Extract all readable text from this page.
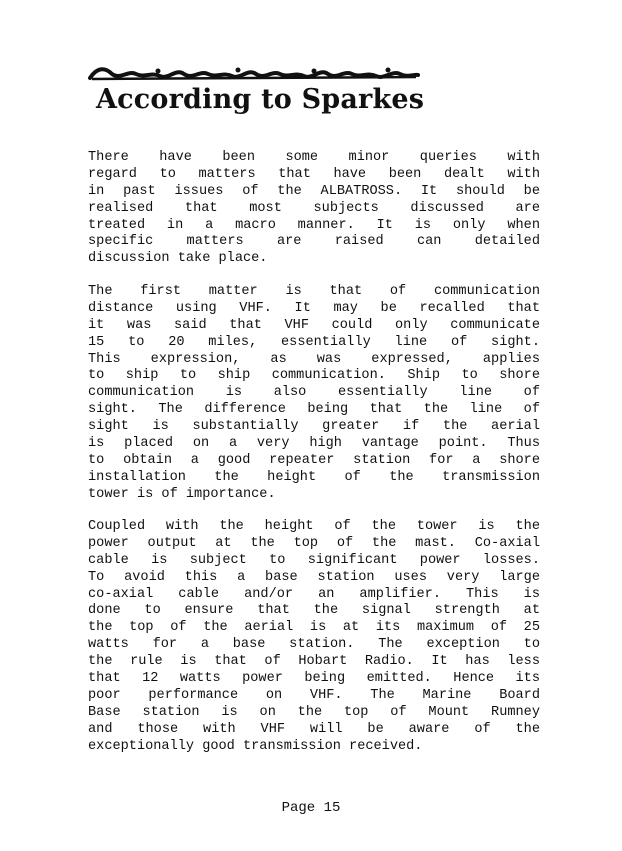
According to Sparkes
There have been some minor queries with
regard to matters that have been dealt with
in past issues of the ALBATROSS. It should be
realised that most subjects discussed are
treated in a macro manner. It is only when
specific matters are raised can detailed
discussion take place.
The first matter is that of communication
distance using VHF. It may be recalled that
it was said that VHF could only communicate
15 to 20 miles, essentially line of sight.
This expression, as was expressed, applies
to ship to ship communication. Ship to shore
communication is also essentially line of
sight. The difference being that the line of
sight is substantially greater if the aerial
is placed on a very high vantage point. Thus
to obtain a good repeater station for a shore
installation the height of the transmission
tower is of importance.
Coupled with the height of the tower is the
power output at the top of the mast. Co-axial
cable is subject to significant power losses.
To avoid this a base station uses very large
co-axial cable and/or an amplifier. This is
done to ensure that the signal strength at
the top of the aerial is at its maximum of 25
watts for a base station. The exception to
the rule is that of Hobart Radio. It has less
that 12 watts power being emitted. Hence its
poor performance on VHF. The Marine Board
Base station is on the top of Mount Rumney
and those with VHF will be aware of the
exceptionally good transmission received.
Page 15
